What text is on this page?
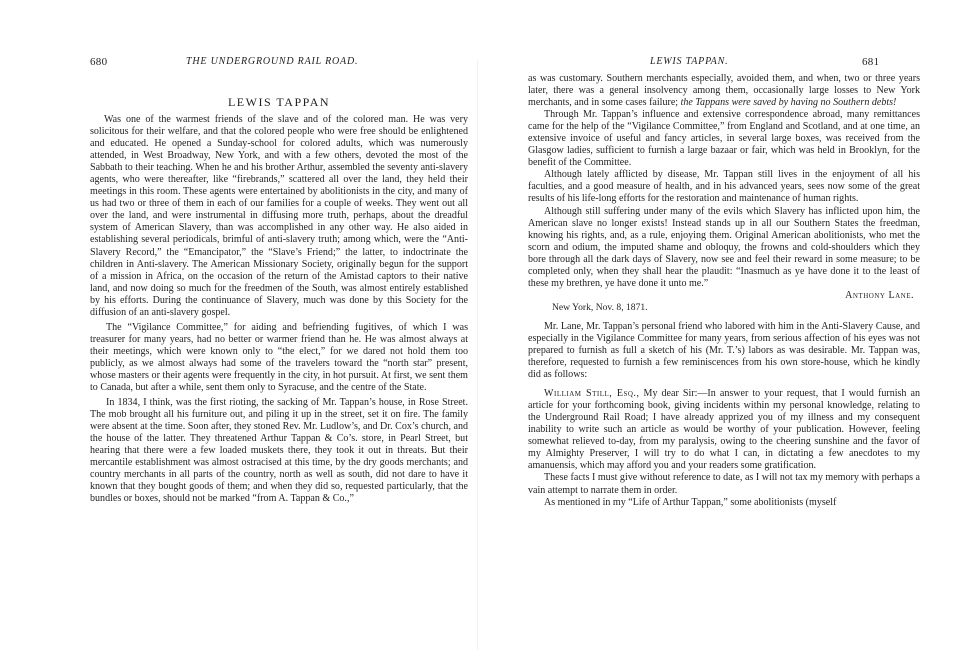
680	THE UNDERGROUND RAIL ROAD.
LEWIS TAPPAN

Was one of the warmest friends of the slave and of the colored man. He was very solicitous for their welfare, and that the colored people who were free should be enlightened and educated. He opened a Sunday-school for colored adults, which was numerously attended, in West Broadway, New York, and with a few others, devoted the most of the Sabbath to their teaching. When he and his brother Arthur, assembled the seventy anti-slavery agents, who were thereafter, like “firebrands,” scattered all over the land, they held their meetings in this room. These agents were entertained by abolitionists in the city, and many of us had two or three of them in each of our families for a couple of weeks. They went out all over the land, and were instrumental in diffusing more truth, perhaps, about the dreadful system of American Slavery, than was accomplished in any other way. He also aided in establishing several periodicals, brimful of anti-slavery truth; among which, were the “Anti-Slavery Record,” the “Emancipator,” the “Slave’s Friend;” the latter, to indoctrinate the children in Anti-slavery. The American Missionary Society, originally begun for the support of a mission in Africa, on the occasion of the return of the Amistad captors to their native land, and now doing so much for the freedmen of the South, was almost entirely established by his efforts. During the continuance of Slavery, much was done by this Society for the diffusion of an anti-slavery gospel.

The “Vigilance Committee,” for aiding and befriending fugitives, of which I was treasurer for many years, had no better or warmer friend than he. He was almost always at their meetings, which were known only to “the elect,” for we dared not hold them too publicly, as we almost always had some of the travelers toward the “north star” present, whose masters or their agents were frequently in the city, in hot pursuit. At first, we sent them to Canada, but after a while, sent them only to Syracuse, and the centre of the State.

In 1834, I think, was the first rioting, the sacking of Mr. Tappan’s house, in Rose Street. The mob brought all his furniture out, and piling it up in the street, set it on fire. The family were absent at the time. Soon after, they stoned Rev. Mr. Ludlow’s, and Dr. Cox’s church, and the house of the latter. They threatened Arthur Tappan & Co’s. store, in Pearl Street, but hearing that there were a few loaded muskets there, they took it out in threats. But their mercantile establishment was almost ostracised at this time, by the dry goods merchants; and country merchants in all parts of the country, north as well as south, did not dare to have it known that they bought goods of them; and when they did so, requested particularly, that the bundles or boxes, should not be marked “from A. Tappan & Co.,”

LEWIS TAPPAN.	681

as was customary. Southern merchants especially, avoided them, and when, two or three years later, there was a general insolvency among them, occasionally large losses to New York merchants, and in some cases failure; the Tappans were saved by having no Southern debts!

Through Mr. Tappan’s influence and extensive correspondence abroad, many remittances came for the help of the “Vigilance Committee,” from England and Scotland, and at one time, an extensive invoice of useful and fancy articles, in several large boxes, was received from the Glasgow ladies, sufficient to furnish a large bazaar or fair, which was held in Brooklyn, for the benefit of the Committee.

Although lately afflicted by disease, Mr. Tappan still lives in the enjoyment of all his faculties, and a good measure of health, and in his advanced years, sees now some of the great results of his life-long efforts for the restoration and maintenance of human rights.

Although still suffering under many of the evils which Slavery has inflicted upon him, the American slave no longer exists! Instead stands up in all our Southern States the freedman, knowing his rights, and, as a rule, enjoying them. Original American abolitionists, who met the scorn and odium, the imputed shame and obloquy, the frowns and cold-shoulders which they bore through all the dark days of Slavery, now see and feel their reward in some measure; to be completed only, when they shall hear the plaudit: “Inasmuch as ye have done it to the least of these my brethren, ye have done it unto me.”

Anthony Lane.

New York, Nov. 8, 1871.

Mr. Lane, Mr. Tappan’s personal friend who labored with him in the Anti-Slavery Cause, and especially in the Vigilance Committee for many years, from serious affection of his eyes was not prepared to furnish as full a sketch of his (Mr. T.’s) labors as was desirable. Mr. Tappan was, therefore, requested to furnish a few reminiscences from his own store-house, which he kindly did as follows:

William Still, Esq., My dear Sir:—In answer to your request, that I would furnish an article for your forthcoming book, giving incidents within my personal knowledge, relating to the Underground Rail Road; I have already apprized you of my illness and my consequent inability to write such an article as would be worthy of your publication. However, feeling somewhat relieved to-day, from my paralysis, owing to the cheering sunshine and the favor of my Almighty Preserver, I will try to do what I can, in dictating a few anecdotes to my amanuensis, which may afford you and your readers some gratification.

These facts I must give without reference to date, as I will not tax my memory with perhaps a vain attempt to narrate them in order.

As mentioned in my “Life of Arthur Tappan,” some abolitionists (myself
